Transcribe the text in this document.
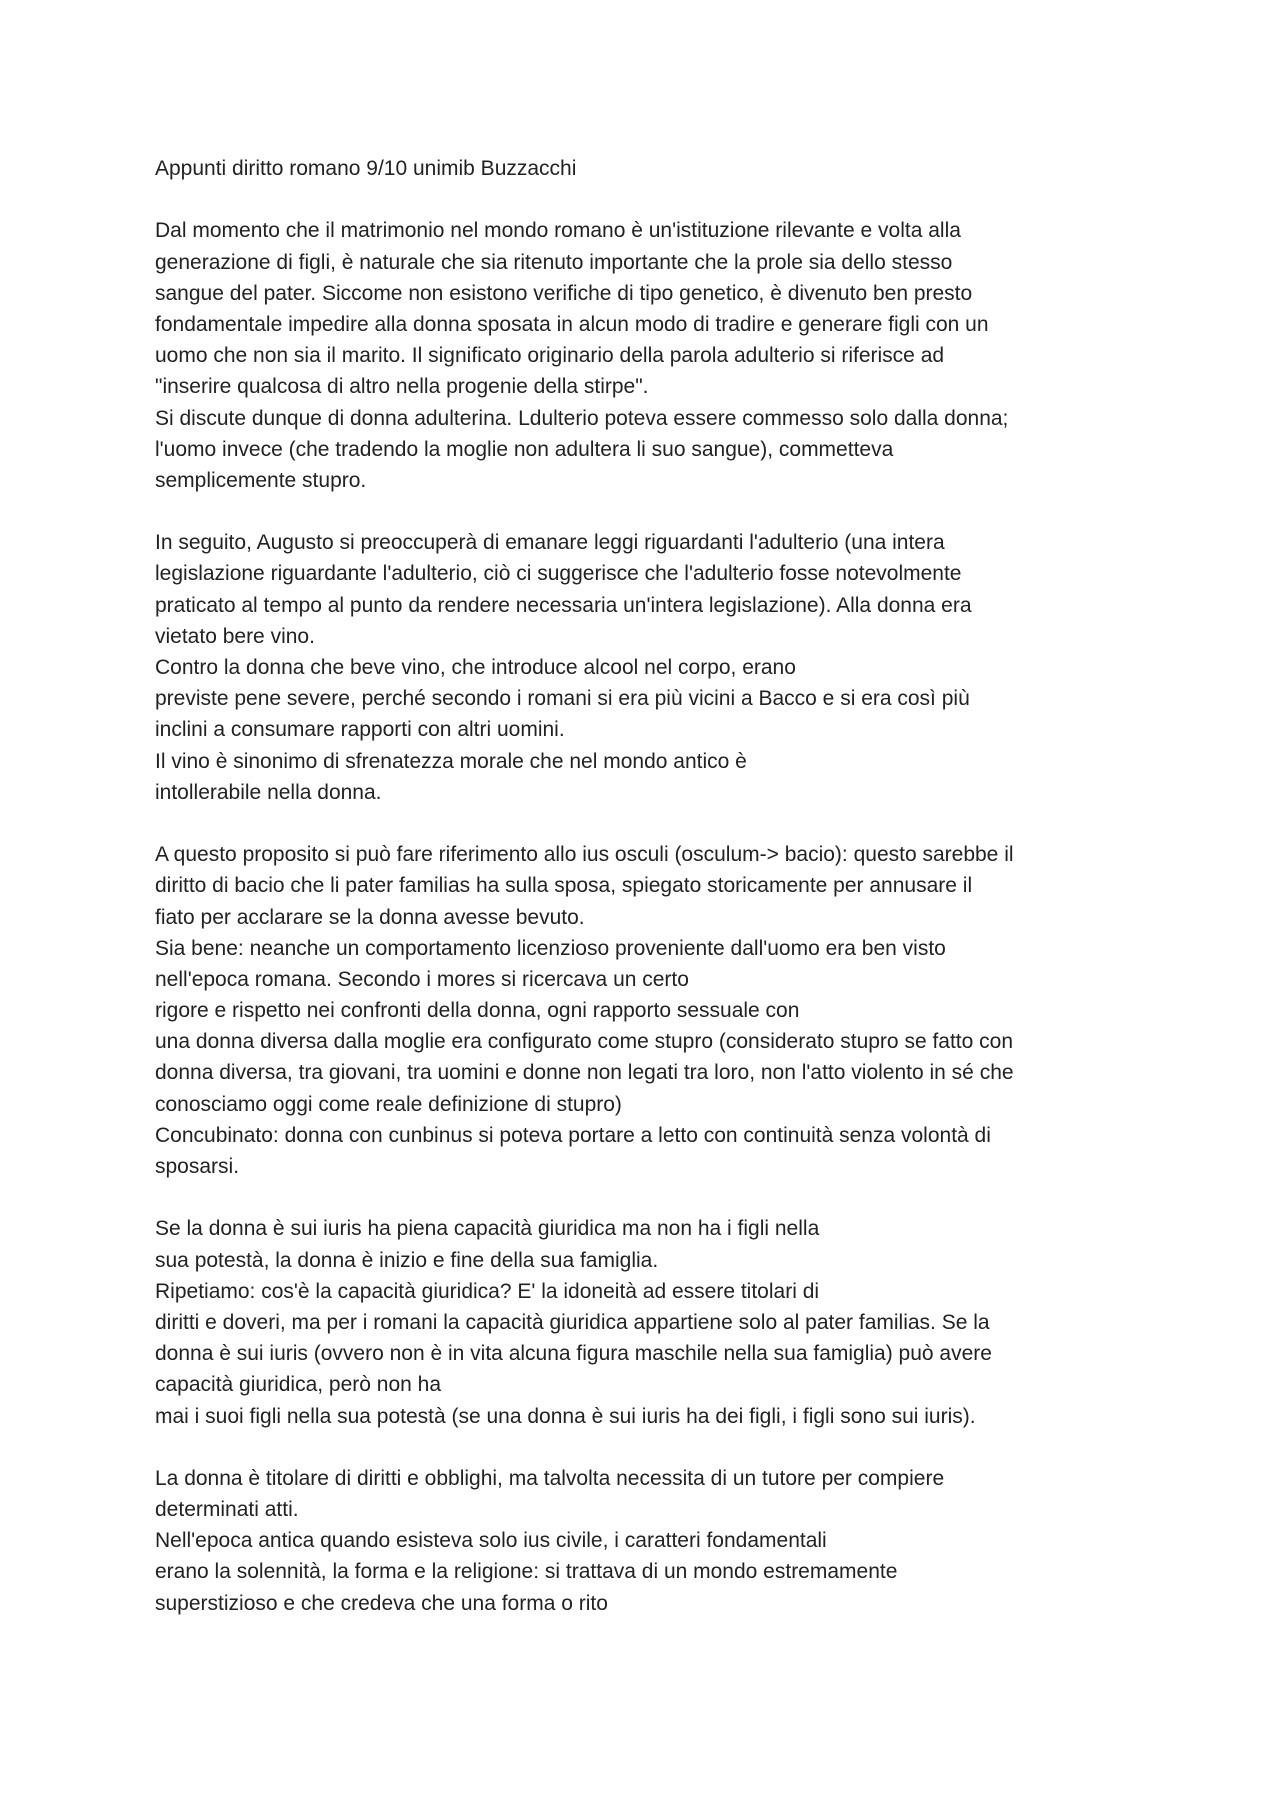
Appunti diritto romano 9/10 unimib Buzzacchi
Dal momento che il matrimonio nel mondo romano è un'istituzione rilevante e volta alla
generazione di figli, è naturale che sia ritenuto importante che la prole sia dello stesso
sangue del pater. Siccome non esistono verifiche di tipo genetico, è divenuto ben presto
fondamentale impedire alla donna sposata in alcun modo di tradire e generare figli con un
uomo che non sia il marito. Il significato originario della parola adulterio si riferisce ad
"inserire qualcosa di altro nella progenie della stirpe".
Si discute dunque di donna adulterina. Ldulterio poteva essere commesso solo dalla donna;
l'uomo invece (che tradendo la moglie non adultera li suo sangue), commetteva
semplicemente stupro.
In seguito, Augusto si preoccuperà di emanare leggi riguardanti l'adulterio (una intera
legislazione riguardante l'adulterio, ciò ci suggerisce che l'adulterio fosse notevolmente
praticato al tempo al punto da rendere necessaria un'intera legislazione). Alla donna era
vietato bere vino.
Contro la donna che beve vino, che introduce alcool nel corpo, erano
previste pene severe, perché secondo i romani si era più vicini a Bacco e si era così più
inclini a consumare rapporti con altri uomini.
Il vino è sinonimo di sfrenatezza morale che nel mondo antico è
intollerabile nella donna.
A questo proposito si può fare riferimento allo ius osculi (osculum-> bacio): questo sarebbe il
diritto di bacio che li pater familias ha sulla sposa, spiegato storicamente per annusare il
fiato per acclarare se la donna avesse bevuto.
Sia bene: neanche un comportamento licenzioso proveniente dall'uomo era ben visto
nell'epoca romana. Secondo i mores si ricercava un certo
rigore e rispetto nei confronti della donna, ogni rapporto sessuale con
una donna diversa dalla moglie era configurato come stupro (considerato stupro se fatto con
donna diversa, tra giovani, tra uomini e donne non legati tra loro, non l'atto violento in sé che
conosciamo oggi come reale definizione di stupro)
Concubinato: donna con cunbinus si poteva portare a letto con continuità senza volontà di
sposarsi.
Se la donna è sui iuris ha piena capacità giuridica ma non ha i figli nella
sua potestà, la donna è inizio e fine della sua famiglia.
Ripetiamo: cos'è la capacità giuridica? E' la idoneità ad essere titolari di
diritti e doveri, ma per i romani la capacità giuridica appartiene solo al pater familias. Se la
donna è sui iuris (ovvero non è in vita alcuna figura maschile nella sua famiglia) può avere
capacità giuridica, però non ha
mai i suoi figli nella sua potestà (se una donna è sui iuris ha dei figli, i figli sono sui iuris).
La donna è titolare di diritti e obblighi, ma talvolta necessita di un tutore per compiere
determinati atti.
Nell'epoca antica quando esisteva solo ius civile, i caratteri fondamentali
erano la solennità, la forma e la religione: si trattava di un mondo estremamente
superstizioso e che credeva che una forma o rito
